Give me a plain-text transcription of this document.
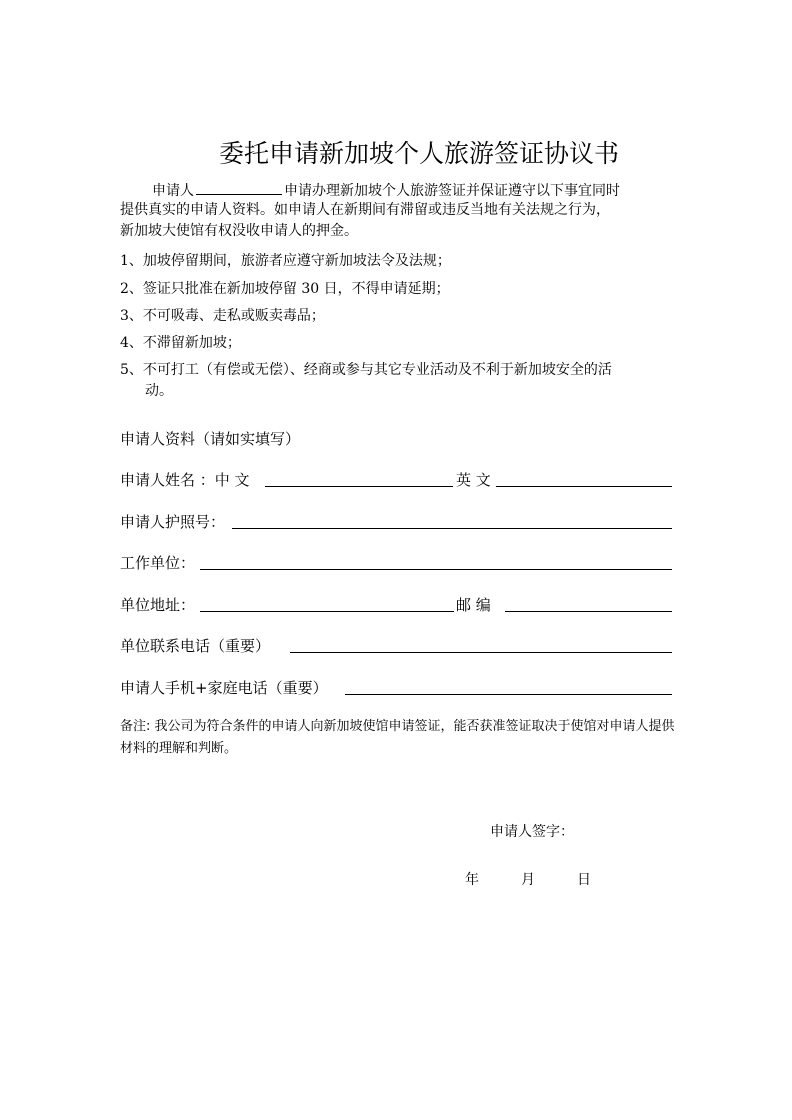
委托申请新加坡个人旅游签证协议书
申请人	申请办理新加坡个人旅游签证并保证遵守以下事宜同时
提供真实的申请人资料。如申请人在新期间有滞留或违反当地有关法规之行为，
新加坡大使馆有权没收申请人的押金。
1、加坡停留期间，旅游者应遵守新加坡法令及法规；
2、签证只批准在新加坡停留 30 日，不得申请延期；
3、不可吸毒、走私或贩卖毒品；
4、不滞留新加坡；
5、不可打工（有偿或无偿）、经商或参与其它专业活动及不利于新加坡安全的活
动。
申请人资料（请如实填写）
申请人姓名 ：中 文	英 文
申请人护照号：
工作单位：
单位地址：	邮 编
单位联系电话（重要）
申请人手机+家庭电话（重要）
备注: 我公司为符合条件的申请人向新加坡使馆申请签证，能否获准签证取决于使馆对申请人提供材料的理解和判断。
申请人签字：
年	月	日
